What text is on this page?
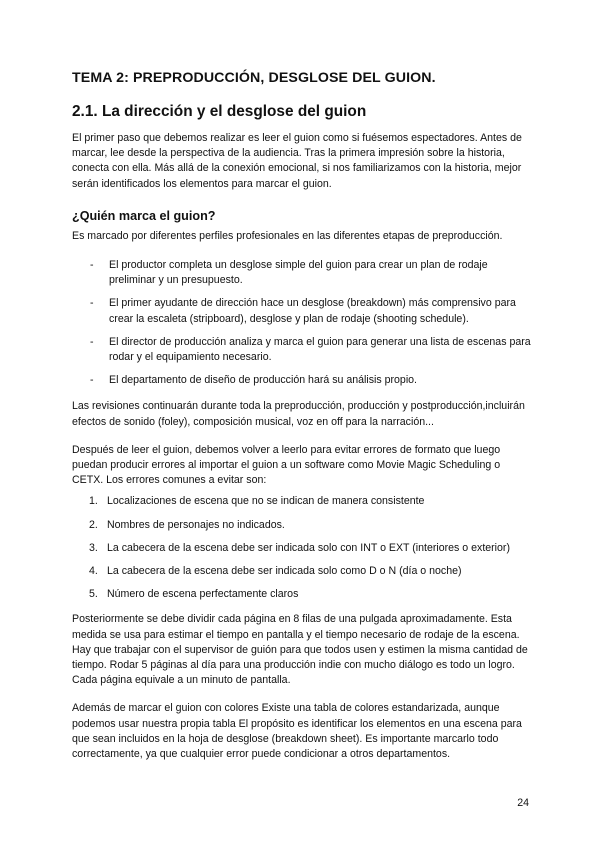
TEMA 2: PREPRODUCCIÓN, DESGLOSE DEL GUION.
2.1. La dirección y el desglose del guion

El primer paso que debemos realizar es leer el guion como si fuésemos espectadores. Antes de marcar, lee desde la perspectiva de la audiencia. Tras la primera impresión sobre la historia, conecta con ella. Más allá de la conexión emocional, si nos familiarizamos con la historia, mejor serán identificados los elementos para marcar el guion.

¿Quién marca el guion?

Es marcado por diferentes perfiles profesionales en las diferentes etapas de preproducción.

- El productor completa un desglose simple del guion para crear un plan de rodaje preliminar y un presupuesto.
- El primer ayudante de dirección hace un desglose (breakdown) más comprensivo para crear la escaleta (stripboard), desglose y plan de rodaje (shooting schedule).
- El director de producción analiza y marca el guion para generar una lista de escenas para rodar y el equipamiento necesario.
- El departamento de diseño de producción hará su análisis propio.

Las revisiones continuarán durante toda la preproducción, producción y postproducción,incluirán efectos de sonido (foley), composición musical, voz en off para la narración...

Después de leer el guion, debemos volver a leerlo para evitar errores de formato que luego puedan producir errores al importar el guion a un software como Movie Magic Scheduling o CETX. Los errores comunes a evitar son:

1. Localizaciones de escena que no se indican de manera consistente
2. Nombres de personajes no indicados.
3. La cabecera de la escena debe ser indicada solo con INT o EXT (interiores o exterior)
4. La cabecera de la escena debe ser indicada solo como D o N (día o noche)
5. Número de escena perfectamente claros

Posteriormente se debe dividir cada página en 8 filas de una pulgada aproximadamente. Esta medida se usa para estimar el tiempo en pantalla y el tiempo necesario de rodaje de la escena. Hay que trabajar con el supervisor de guión para que todos usen y estimen la misma cantidad de tiempo. Rodar 5 páginas al día para una producción indie con mucho diálogo es todo un logro. Cada página equivale a un minuto de pantalla.

Además de marcar el guion con colores Existe una tabla de colores estandarizada, aunque podemos usar nuestra propia tabla El propósito es identificar los elementos en una escena para que sean incluidos en la hoja de desglose (breakdown sheet). Es importante marcarlo todo correctamente, ya que cualquier error puede condicionar a otros departamentos.

24
